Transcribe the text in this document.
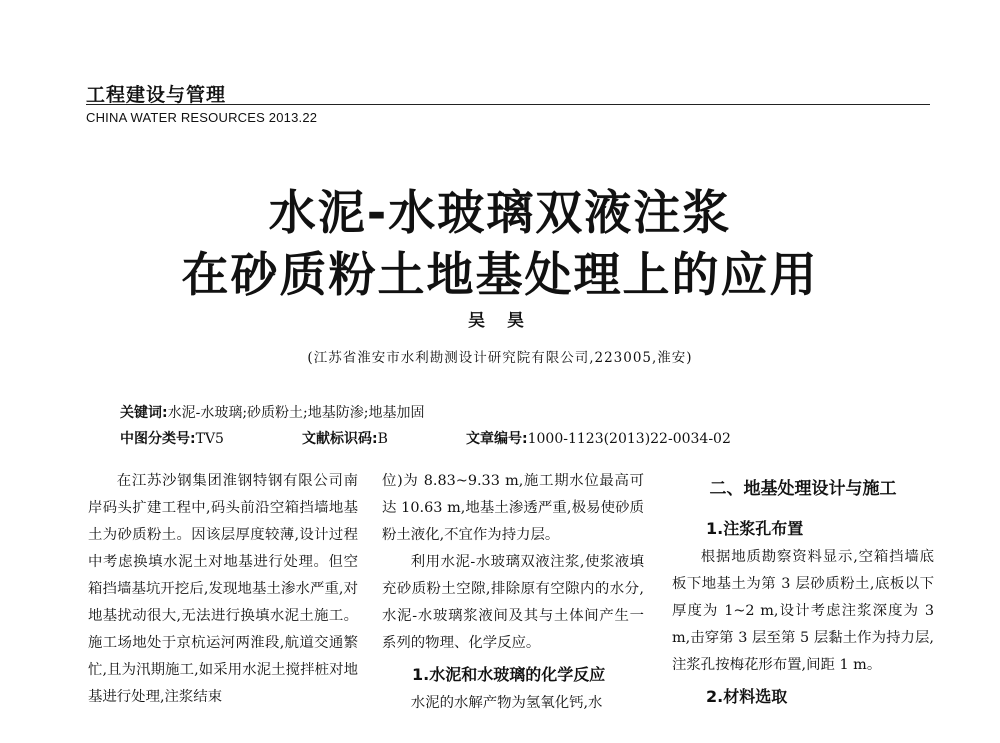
工程建设与管理
CHINA WATER RESOURCES 2013.22
水泥-水玻璃双液注浆
在砂质粉土地基处理上的应用
吴 昊
(江苏省淮安市水利勘测设计研究院有限公司,223005,淮安)
关键词:水泥-水玻璃;砂质粉土;地基防渗;地基加固
中图分类号:TV5	文献标识码:B	文章编号:1000-1123(2013)22-0034-02

在江苏沙钢集团淮钢特钢有限公司南岸码头扩建工程中,码头前沿空箱挡墙地基土为砂质粉土。因该层厚度较薄,设计过程中考虑换填水泥土对地基进行处理。但空箱挡墙基坑开挖后,发现地基土渗水严重,对地基扰动很大,无法进行换填水泥土施工。施工场地处于京杭运河两淮段,航道交通繁忙,且为汛期施工,如采用水泥土搅拌桩对地基进行处理,注浆结束

位)为 8.83~9.33 m,施工期水位最高可达 10.63 m,地基土渗透严重,极易使砂质粉土液化,不宜作为持力层。

利用水泥-水玻璃双液注浆,使浆液填充砂质粉土空隙,排除原有空隙内的水分,水泥-水玻璃浆液间及其与土体间产生一系列的物理、化学反应。

1.水泥和水玻璃的化学反应

水泥的水解产物为氢氧化钙,水

二、地基处理设计与施工
1.注浆孔布置

根据地质勘察资料显示,空箱挡墙底板下地基土为第 3 层砂质粉土,底板以下厚度为 1~2 m,设计考虑注浆深度为 3 m,击穿第 3 层至第 5 层黏土作为持力层,注浆孔按梅花形布置,间距 1 m。

2.材料选取
